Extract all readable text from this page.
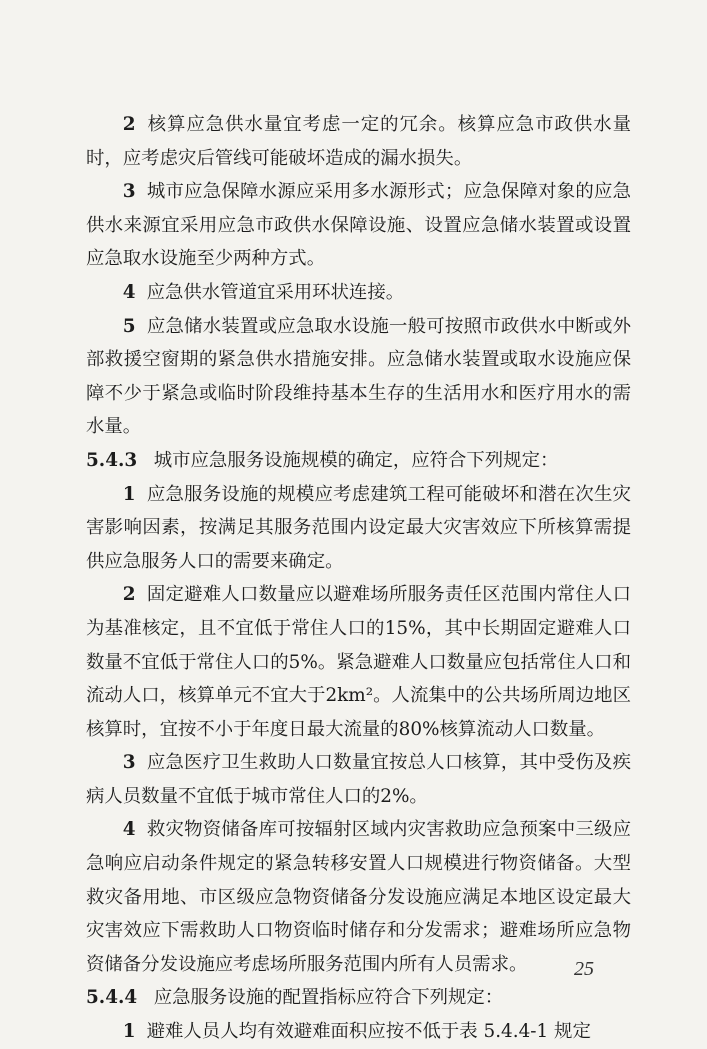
2 核算应急供水量宜考虑一定的冗余。核算应急市政供水量时，应考虑灾后管线可能破坏造成的漏水损失。

3 城市应急保障水源应采用多水源形式；应急保障对象的应急供水来源宜采用应急市政供水保障设施、设置应急储水装置或设置应急取水设施至少两种方式。

4 应急供水管道宜采用环状连接。

5 应急储水装置或应急取水设施一般可按照市政供水中断或外部救援空窗期的紧急供水措施安排。应急储水装置或取水设施应保障不少于紧急或临时阶段维持基本生存的生活用水和医疗用水的需水量。

5.4.3 城市应急服务设施规模的确定，应符合下列规定：

1 应急服务设施的规模应考虑建筑工程可能破坏和潜在次生灾害影响因素，按满足其服务范围内设定最大灾害效应下所核算需提供应急服务人口的需要来确定。

2 固定避难人口数量应以避难场所服务责任区范围内常住人口为基准核定，且不宜低于常住人口的15%，其中长期固定避难人口数量不宜低于常住人口的5%。紧急避难人口数量应包括常住人口和流动人口，核算单元不宜大于2km²。人流集中的公共场所周边地区核算时，宜按不小于年度日最大流量的80%核算流动人口数量。

3 应急医疗卫生救助人口数量宜按总人口核算，其中受伤及疾病人员数量不宜低于城市常住人口的2%。

4 救灾物资储备库可按辐射区域内灾害救助应急预案中三级应急响应启动条件规定的紧急转移安置人口规模进行物资储备。大型救灾备用地、市区级应急物资储备分发设施应满足本地区设定最大灾害效应下需救助人口物资临时储存和分发需求；避难场所应急物资储备分发设施应考虑场所服务范围内所有人员需求。

5.4.4 应急服务设施的配置指标应符合下列规定：

1 避难人员人均有效避难面积应按不低于表 5.4.4-1 规定

25
